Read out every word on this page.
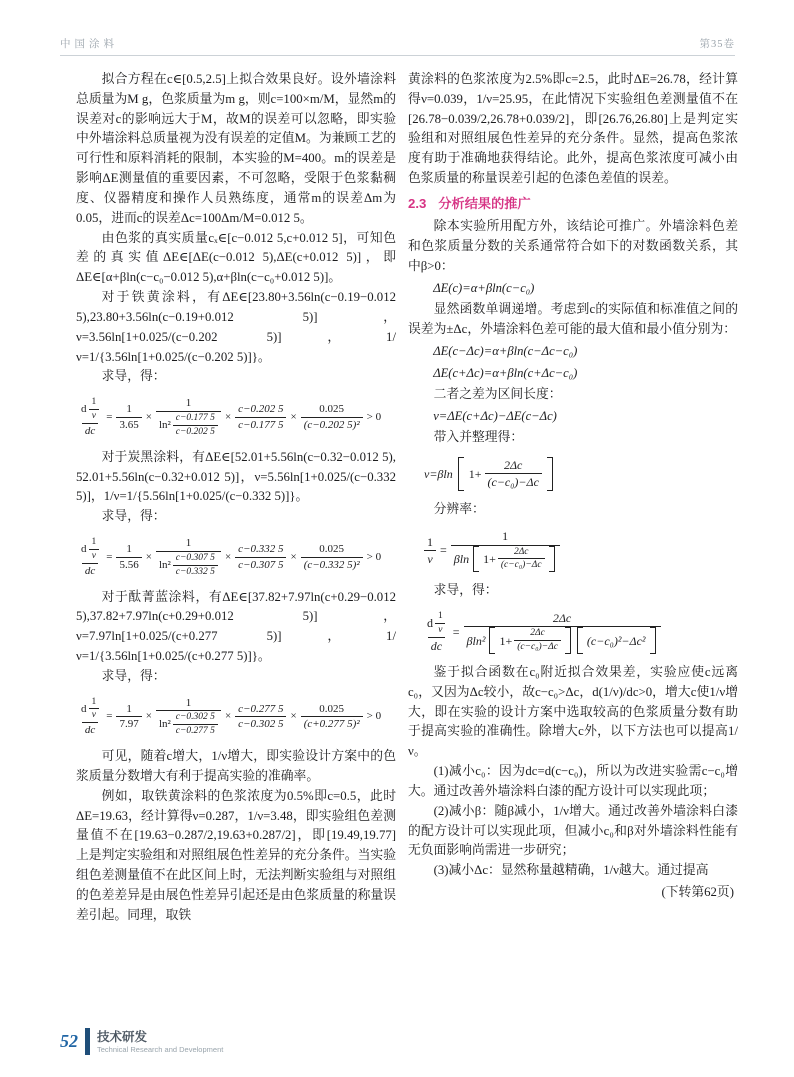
中国涂料	第35卷

拟合方程在c∈[0.5,2.5]上拟合效果良好。设外墙涂料总质量为M g，色浆质量为m g，则c=100×m/M，显然m的误差对c的影响远大于M，故M的误差可以忽略，即实验中外墙涂料总质量视为没有误差的定值M。为兼顾工艺的可行性和原料消耗的限制，本实验的M=400。m的误差是影响ΔE测量值的重要因素，不可忽略，受限于色浆黏稠度、仪器精度和操作人员熟练度，通常m的误差Δm为0.05，进而c的误差Δc=100Δm/M=0.012 5。

由色浆的真实质量cₓ∈[c−0.012 5,c+0.012 5]，可知色差的真实值ΔE∈[ΔE(c−0.012 5),ΔE(c+0.012 5)]，即ΔE∈[α+βln(c−c₀−0.012 5),α+βln(c−c₀+0.012 5)]。

对于铁黄涂料，有ΔE∈[23.80+3.56ln(c−0.19−0.012 5),23.80+3.56ln(c−0.19+0.012 5)]，ν=3.56ln[1+0.025/(c−0.202 5)]，1/ν=1/{3.56ln[1+0.025/(c−0.202 5)]}。

求导，得：

$\frac{d \frac{1}{\nu}}{dc} = \frac{1}{3.65} \times \frac{1}{\ln^2 \frac{c-0.177 5}{c-0.202 5}} \times \frac{c-0.202 5}{c-0.177 5} \times \frac{0.025}{\text{(c−0.202 5)²}} > 0$

对于炭黑涂料，有ΔE∈[52.01+5.56ln(c−0.32−0.012 5), 52.01+5.56ln(c−0.32+0.012 5)]，ν=5.56ln[1+0.025/(c−0.332 5)]，1/ν=1/{5.56ln[1+0.025/(c−0.332 5)]}。

求导，得：

$\frac{d \frac{1}{\nu}}{dc} = \frac{1}{5.56} \times \frac{1}{\ln^2 \frac{c-0.307 5}{c-0.332 5}} \times \frac{c-0.332 5}{c-0.307 5} \times \frac{0.025}{\text{(c−0.332 5)²}} > 0$

对于酞菁蓝涂料，有ΔE∈[37.82+7.97ln(c+0.29−0.012 5),37.82+7.97ln(c+0.29+0.012 5)]，ν=7.97ln[1+0.025/(c+0.277 5)]，1/ν=1/{3.56ln[1+0.025/(c+0.277 5)]}。

求导，得：

$\frac{d \frac{1}{\nu}}{dc} = \frac{1}{7.97} \times \frac{1}{\ln^2 \frac{c-0.302 5}{c-0.277 5}} \times \frac{c-0.277 5}{c-0.302 5} \times \frac{0.025}{\text{(c+0.277 5)²}} > 0$

可见，随着c增大，1/ν增大，即实验设计方案中的色浆质量分数增大有利于提高实验的准确率。

例如，取铁黄涂料的色浆浓度为0.5%即c=0.5，此时ΔE=19.63，经计算得ν=0.287，1/ν=3.48，即实验组色差测量值不在[19.63−0.287/2,19.63+0.287/2]，即[19.49,19.77]上是判定实验组和对照组展色性差异的充分条件。当实验组色差测量值不在此区间上时，无法判断实验组与对照组的色差差异是由展色性差异引起还是由色浆质量的称量误差引起。同理，取铁

黄涂料的色浆浓度为2.5%即c=2.5，此时ΔE=26.78，经计算得ν=0.039，1/ν=25.95，在此情况下实验组色差测量值不在[26.78−0.039/2,26.78+0.039/2]，即[26.76,26.80]上是判定实验组和对照组展色性差异的充分条件。显然，提高色浆浓度有助于准确地获得结论。此外，提高色浆浓度可减小由色浆质量的称量误差引起的色漆色差值的误差。

2.3 分析结果的推广

除本实验所用配方外，该结论可推广。外墙涂料色差和色浆质量分数的关系通常符合如下的对数函数关系，其中β>0：

ΔE(c)=α+βln(c−c₀)

显然函数单调递增。考虑到c的实际值和标准值之间的误差为±Δc，外墙涂料色差可能的最大值和最小值分别为：

ΔE(c−Δc)=α+βln(c−Δc−c₀)
ΔE(c+Δc)=α+βln(c+Δc−c₀)

二者之差为区间长度：

ν=ΔE(c+Δc)−ΔE(c−Δc)

带入并整理得：

ν=βln $1+ \frac{2\Delta c}{\text{(c−c₀)−Δc}}$

分辨率：

$\frac{1}{\nu} = \frac{1}{\beta\ln 1+ \frac{2\Delta c}{\text{(c−c₀)−Δc}}}$

求导，得：

$\frac{d \frac{1}{\nu}}{dc} = \frac{2\Delta c}{\beta\ln^2 1+ \frac{2\Delta c}{\text{(c−c₀)−Δc}} (c-c_0)^2-\Delta c^2}$

鉴于拟合函数在c₀附近拟合效果差，实验应使c远离c₀，又因为Δc较小，故c−c₀>Δc，d(1/ν)/dc>0，增大c使1/ν增大，即在实验的设计方案中选取较高的色浆质量分数有助于提高实验的准确性。除增大c外，以下方法也可以提高1/ν。

(1)减小c₀：因为dc=d(c−c₀)，所以为改进实验需c−c₀增大。通过改善外墙涂料白漆的配方设计可以实现此项；

(2)减小β：随β减小，1/ν增大。通过改善外墙涂料白漆的配方设计可以实现此项，但减小c₀和β对外墙涂料性能有无负面影响尚需进一步研究；

(3)减小Δc：显然称量越精确，1/ν越大。通过提高

(下转第62页)
52 技术研发
Technical Research and Development
